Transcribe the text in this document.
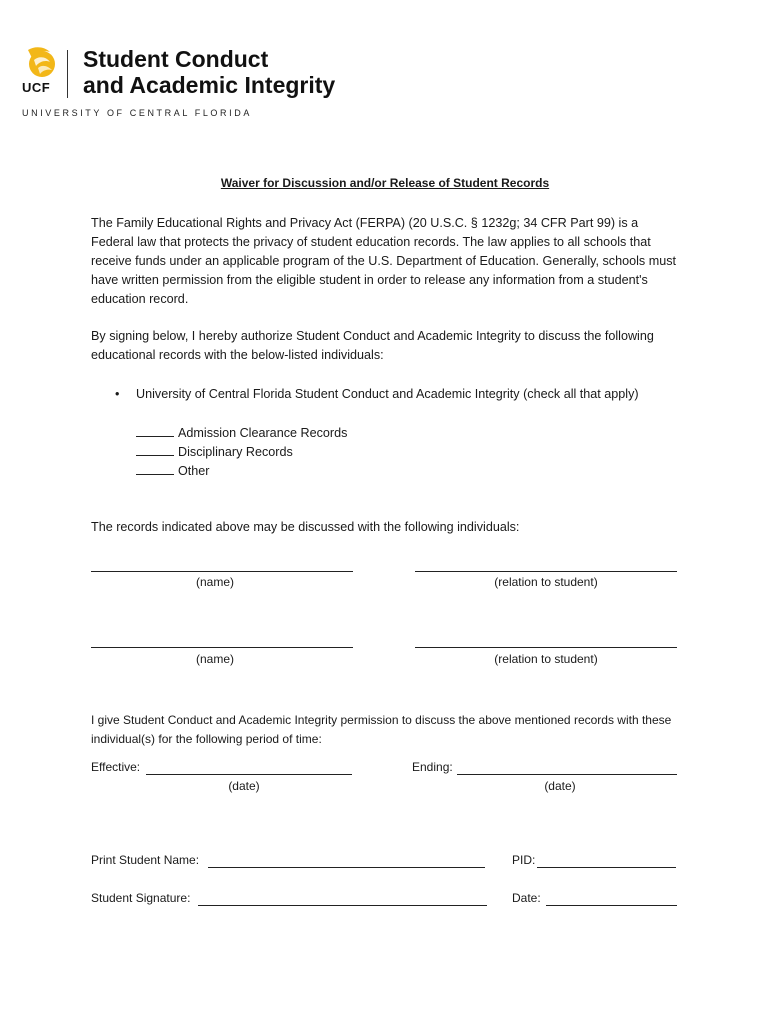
UCF
Student Conduct
and Academic Integrity
UNIVERSITY OF CENTRAL FLORIDA
Waiver for Discussion and/or Release of Student Records

The Family Educational Rights and Privacy Act (FERPA) (20 U.S.C. § 1232g; 34 CFR Part 99) is a Federal law that protects the privacy of student education records. The law applies to all schools that receive funds under an applicable program of the U.S. Department of Education. Generally, schools must have written permission from the eligible student in order to release any information from a student's education record.

By signing below, I hereby authorize Student Conduct and Academic Integrity to discuss the following educational records with the below-listed individuals:

• University of Central Florida Student Conduct and Academic Integrity (check all that apply)
Admission Clearance Records
Disciplinary Records
Other

The records indicated above may be discussed with the following individuals:

(name)	(relation to student)
(name)	(relation to student)

I give Student Conduct and Academic Integrity permission to discuss the above mentioned records with these individual(s) for the following period of time:

Effective:
(date)
Ending:
(date)
Print Student Name:	PID:
Student Signature:	Date:
